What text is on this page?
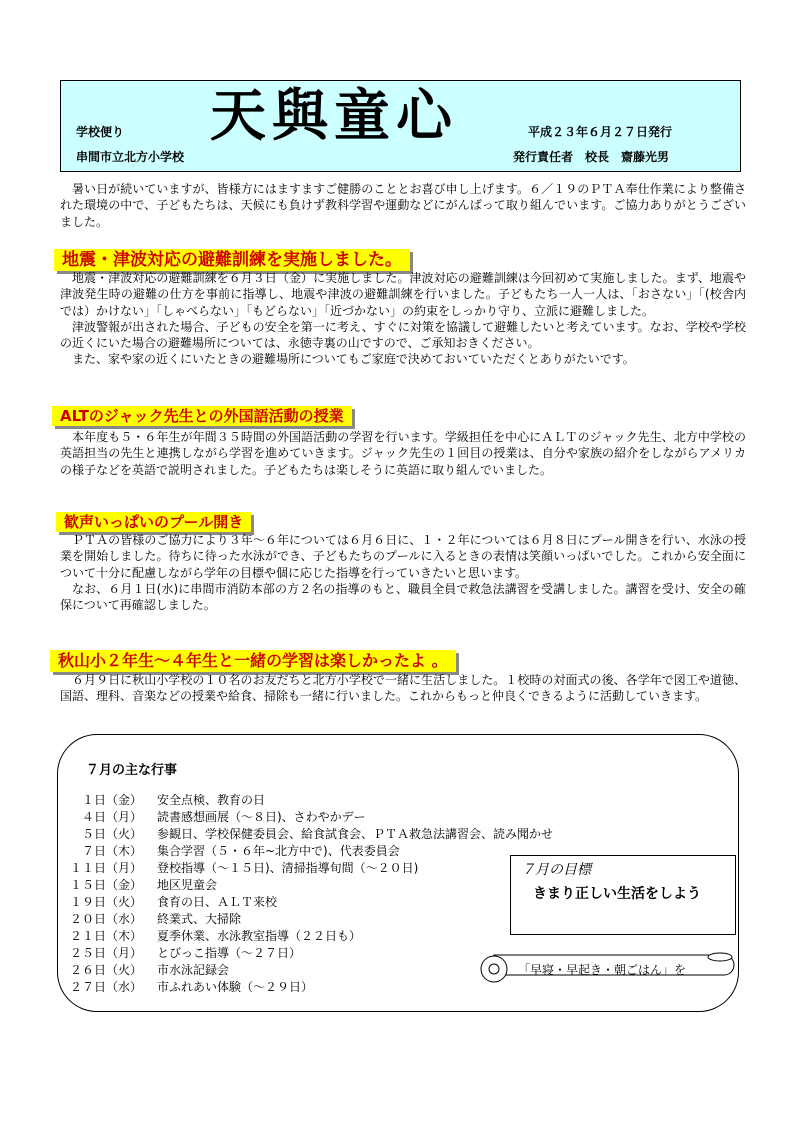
学校便り
串間市立北方小学校
天與童心	平成２３年６月２７日発行
発行責任者　校長　齋藤光男

暑い日が続いていますが、皆様方にはますますご健勝のこととお喜び申し上げます。６／１９のＰＴＡ奉仕作業により整備された環境の中で、子どもたちは、天候にも負けず教科学習や運動などにがんばって取り組んでいます。ご協力ありがとうございました。

地震・津波対応の避難訓練を実施しました。

地震・津波対応の避難訓練を６月３日（金）に実施しました。津波対応の避難訓練は今回初めて実施しました。まず、地震や津波発生時の避難の仕方を事前に指導し、地震や津波の避難訓練を行いました。子どもたち一人一人は、「おさない」「(校舎内では）かけない」「しゃべらない」「もどらない」「近づかない」の約束をしっかり守り、立派に避難しました。

津波警報が出された場合、子どもの安全を第一に考え、すぐに対策を協議して避難したいと考えています。なお、学校や学校の近くにいた場合の避難場所については、永徳寺裏の山ですので、ご承知おきください。

また、家や家の近くにいたときの避難場所についてもご家庭で決めておいていただくとありがたいです。

ALTのジャック先生との外国語活動の授業

本年度も５・６年生が年間３５時間の外国語活動の学習を行います。学級担任を中心にＡＬＴのジャック先生、北方中学校の英語担当の先生と連携しながら学習を進めていきます。ジャック先生の１回目の授業は、自分や家族の紹介をしながらアメリカの様子などを英語で説明されました。子どもたちは楽しそうに英語に取り組んでいました。

歓声いっぱいのプール開き

ＰＴＡの皆様のご協力により３年～６年については６月６日に、１・２年については６月８日にプール開きを行い、水泳の授業を開始しました。待ちに待った水泳ができ、子どもたちのプールに入るときの表情は笑顔いっぱいでした。これから安全面について十分に配慮しながら学年の目標や個に応じた指導を行っていきたいと思います。

なお、６月１日(水)に串間市消防本部の方２名の指導のもと、職員全員で救急法講習を受講しました。講習を受け、安全の確保について再確認しました。

秋山小２年生～４年生と一緒の学習は楽しかったよ 。

６月９日に秋山小学校の１０名のお友だちと北方小学校で一緒に生活しました。１校時の対面式の後、各学年で図工や道徳、国語、理科、音楽などの授業や給食、掃除も一緒に行いました。これからもっと仲良くできるように活動していきます。

７月の主な行事
１日（金） 安全点検、教育の日
４日（月） 読書感想画展（～８日)、さわやかデー
５日（火） 参観日、学校保健委員会、給食試食会、ＰＴＡ救急法講習会、読み聞かせ
７日（木） 集合学習（５・６年~北方中で)、代表委員会
１１日（月） 登校指導（～１５日)、清掃指導旬間（～２０日)
１５日（金） 地区児童会
１９日（火） 食育の日、ＡＬＴ来校
２０日（水） 終業式、大掃除
２１日（木） 夏季休業、水泳教室指導（２２日も）
２５日（月） とびっこ指導（～２７日）
２６日（火） 市水泳記録会
２７日（水） 市ふれあい体験（～２９日）
７月の目標
きまり正しい生活をしよう
「早寝・早起き・朝ごはん」を
